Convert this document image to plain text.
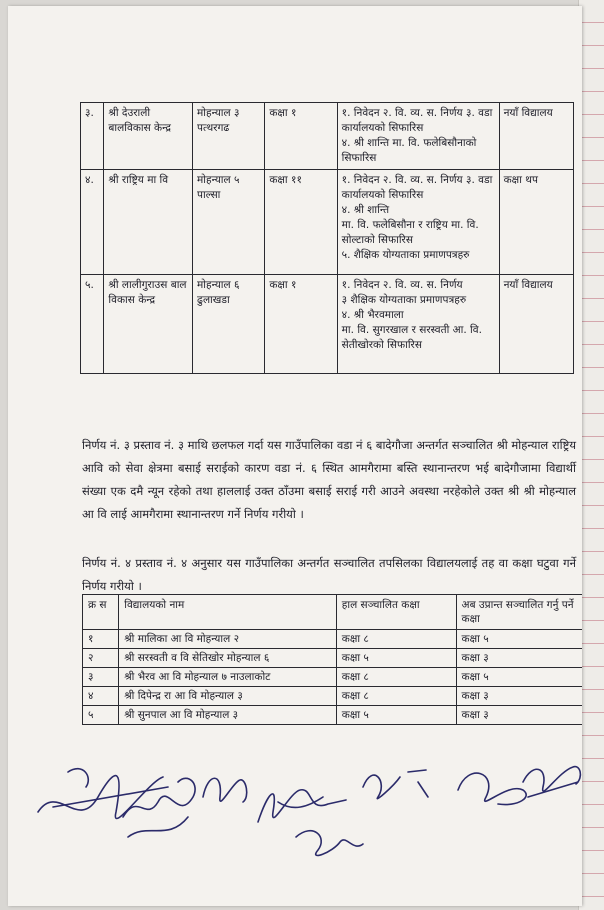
३.	श्री देउराली बालविकास केन्द्र	मोहन्याल ३ पत्थरगढ	कक्षा १	१. निवेदन २. वि. व्य. स. निर्णय ३. वडा कार्यालयको सिफारिस
४. श्री शान्ति मा. वि. फलेबिसौनाको सिफारिस	नयाँ विद्यालय
४.	श्री राष्ट्रिय मा वि	मोहन्याल ५ पाल्सा	कक्षा ११	१. निवेदन २. वि. व्य. स. निर्णय ३. वडा कार्यालयको सिफारिस
४. श्री शान्ति
मा. वि. फलेबिसौना र राष्ट्रिय मा. वि. सोल्टाको सिफारिस
५. शैक्षिक योग्यताका प्रमाणपत्रहरु	कक्षा थप
५.	श्री लालीगुराउस बाल विकास केन्द्र	मोहन्याल ६ ढुलाखडा	कक्षा १	१. निवेदन २. वि. व्य. स. निर्णय
३ शैक्षिक योग्यताका प्रमाणपत्रहरु
४. श्री भैरवमाला
मा. वि. सुगरखाल र सरस्वती आ. वि. सेतीखोरको सिफारिस	नयाँ विद्यालय

निर्णय नं. ३ प्रस्ताव नं. ३ माथि छलफल गर्दा यस गाउँपालिका वडा नं ६ बादेगौजा अन्तर्गत सञ्चालित श्री मोहन्याल राष्ट्रिय आवि को सेवा क्षेत्रमा बसाई सराईको कारण वडा नं. ६ स्थित आमगैरामा बस्ति स्थानान्तरण भई बादेगौजामा विद्यार्थी संख्या एक दमै न्यून रहेको तथा हाललाई उक्त ठाँउमा बसाई सराई गरी आउने अवस्था नरहेकोले उक्त श्री श्री मोहन्याल आ वि लाई आमगैरामा स्थानान्तरण गर्ने निर्णय गरीयो ।

निर्णय नं. ४ प्रस्ताव नं. ४ अनुसार यस गाउँपालिका अन्तर्गत सञ्चालित तपसिलका विद्यालयलाई तह वा कक्षा घटुवा गर्ने निर्णय गरीयो ।

क्र स	विद्यालयको नाम	हाल सञ्चालित कक्षा	अब उप्रान्त सञ्चालित गर्नु पर्ने कक्षा
१	श्री मालिका आ वि मोहन्याल २	कक्षा ८	कक्षा ५
२	श्री सरस्वती व वि सेतिखोर मोहन्याल ६	कक्षा ५	कक्षा ३
३	श्री भैरव आ वि मोहन्याल ७ नाउलाकोट	कक्षा ८	कक्षा ५
४	श्री दिपेन्द्र रा आ वि मोहन्याल ३	कक्षा ८	कक्षा ३
५	श्री सुनपाल आ वि मोहन्याल ३	कक्षा ५	कक्षा ३
